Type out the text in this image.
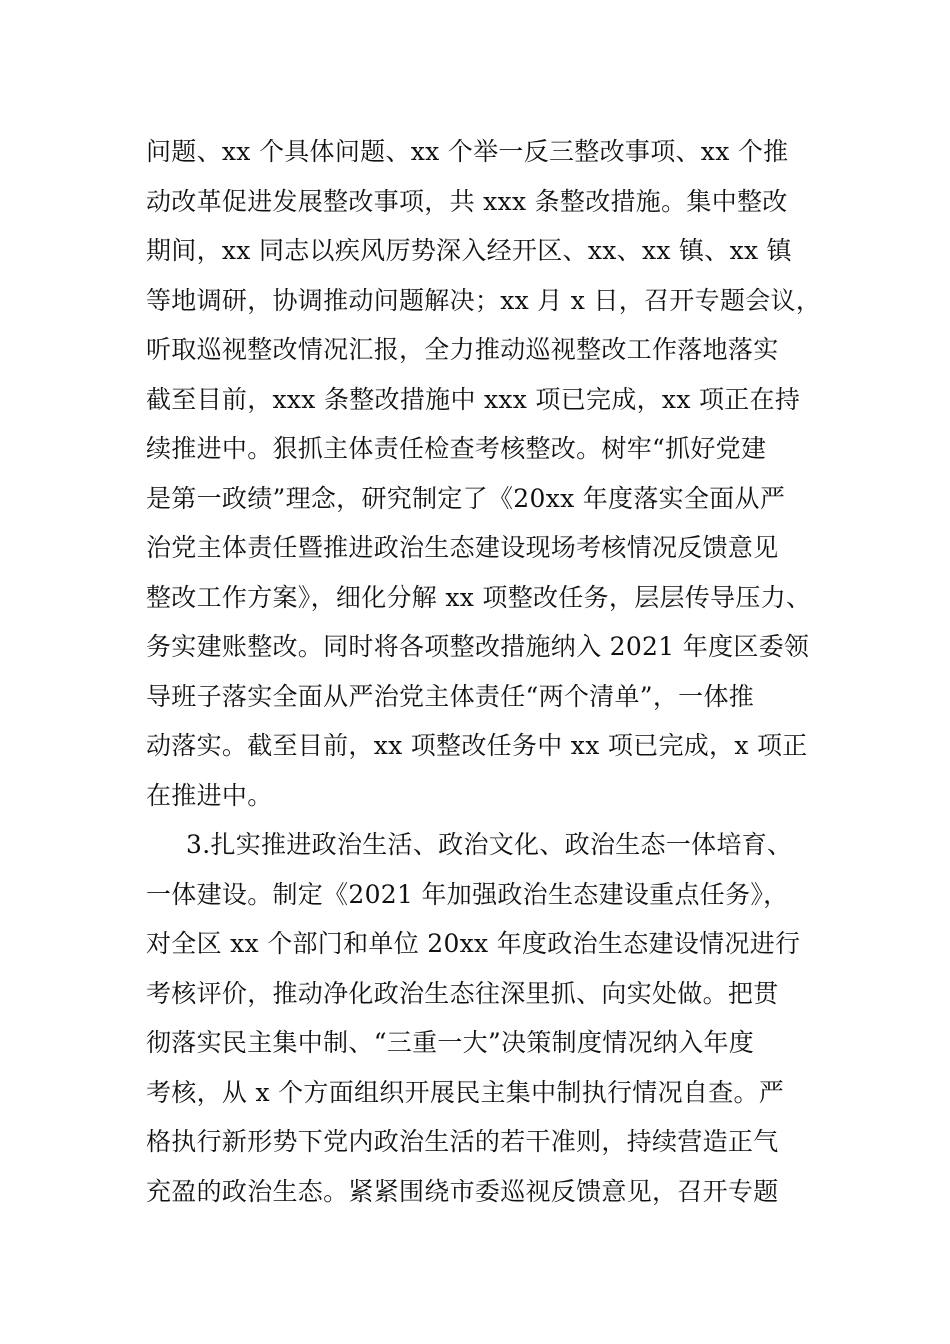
问题、xx 个具体问题、xx 个举一反三整改事项、xx 个推
动改革促进发展整改事项，共 xxx 条整改措施。集中整改
期间，xx 同志以疾风厉势深入经开区、xx、xx 镇、xx 镇
等地调研，协调推动问题解决；xx 月 x 日，召开专题会议，
听取巡视整改情况汇报，全力推动巡视整改工作落地落实
截至目前，xxx 条整改措施中 xxx 项已完成，xx 项正在持
续推进中。狠抓主体责任检查考核整改。树牢“抓好党建
是第一政绩”理念，研究制定了《20xx 年度落实全面从严
治党主体责任暨推进政治生态建设现场考核情况反馈意见
整改工作方案》，细化分解 xx 项整改任务，层层传导压力、
务实建账整改。同时将各项整改措施纳入 2021 年度区委领
导班子落实全面从严治党主体责任“两个清单”，一体推
动落实。截至目前，xx 项整改任务中 xx 项已完成，x 项正
在推进中。
3.扎实推进政治生活、政治文化、政治生态一体培育、
一体建设。制定《2021 年加强政治生态建设重点任务》，
对全区 xx 个部门和单位 20xx 年度政治生态建设情况进行
考核评价，推动净化政治生态往深里抓、向实处做。把贯
彻落实民主集中制、“三重一大”决策制度情况纳入年度
考核，从 x 个方面组织开展民主集中制执行情况自查。严
格执行新形势下党内政治生活的若干准则，持续营造正气
充盈的政治生态。紧紧围绕市委巡视反馈意见，召开专题
